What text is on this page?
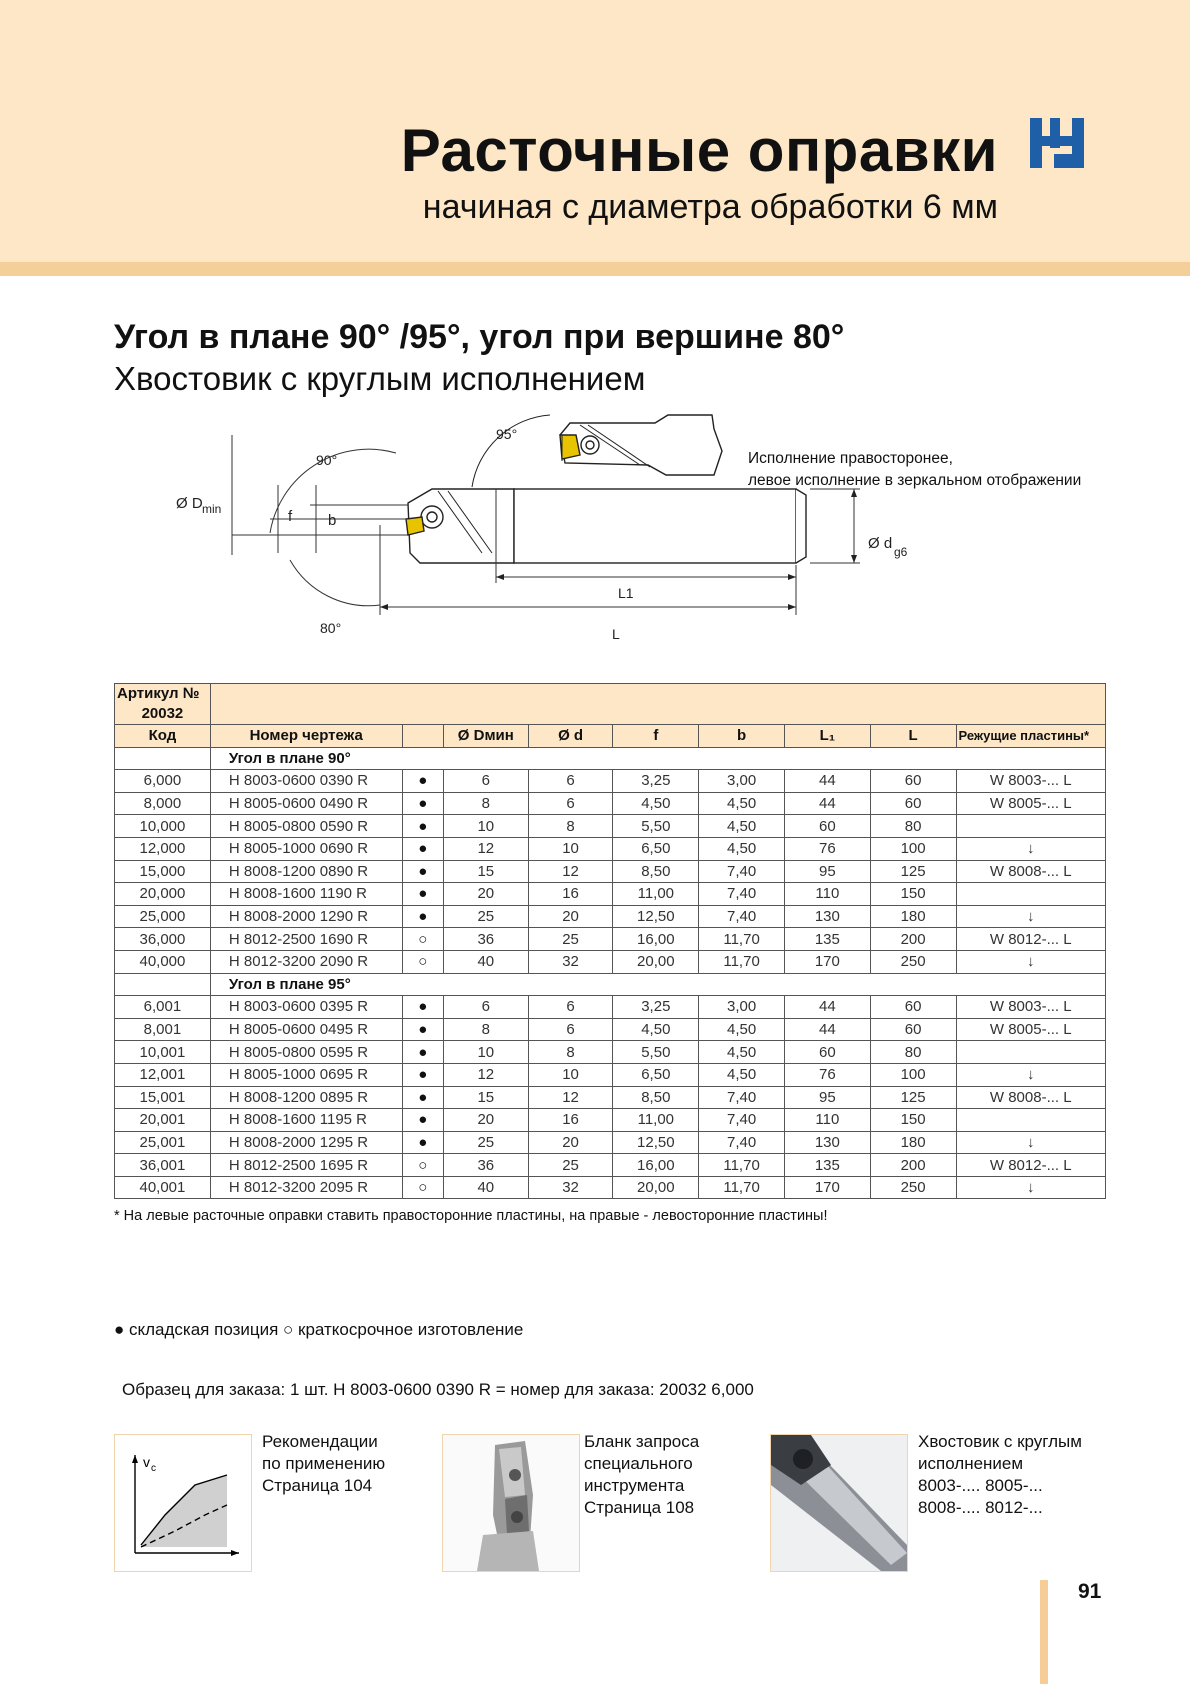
Расточные оправки
начиная с диаметра обработки 6 мм
Угол в плане 90° /95°, угол при вершине 80°
Хвостовик с круглым исполнением
95°
Ø D min	f b
90°
80°
L1
L
Ø d g6
Исполнение правосторонее,
левое исполнение в зеркальном отображении
Артикул №
20032									

Код	Номер чертежа		Ø Dмин	Ø d	f	b	L₁	L	Режущие пластины*
	Угол в плане 90°								
6,000	H 8003-0600 0390 R	●	6	6	3,25	3,00	44	60	W 8003-... L
8,000	H 8005-0600 0490 R	●	8	6	4,50	4,50	44	60	W 8005-... L
10,000	H 8005-0800 0590 R	●	10	8	5,50	4,50	60	80	
12,000	H 8005-1000 0690 R	●	12	10	6,50	4,50	76	100	↓
15,000	H 8008-1200 0890 R	●	15	12	8,50	7,40	95	125	W 8008-... L
20,000	H 8008-1600 1190 R	●	20	16	11,00	7,40	110	150	
25,000	H 8008-2000 1290 R	●	25	20	12,50	7,40	130	180	↓
36,000	H 8012-2500 1690 R	○	36	25	16,00	11,70	135	200	W 8012-... L
40,000	H 8012-3200 2090 R	○	40	32	20,00	11,70	170	250	↓
	Угол в плане 95°								
6,001	H 8003-0600 0395 R	●	6	6	3,25	3,00	44	60	W 8003-... L
8,001	H 8005-0600 0495 R	●	8	6	4,50	4,50	44	60	W 8005-... L
10,001	H 8005-0800 0595 R	●	10	8	5,50	4,50	60	80	
12,001	H 8005-1000 0695 R	●	12	10	6,50	4,50	76	100	↓
15,001	H 8008-1200 0895 R	●	15	12	8,50	7,40	95	125	W 8008-... L
20,001	H 8008-1600 1195 R	●	20	16	11,00	7,40	110	150	
25,001	H 8008-2000 1295 R	●	25	20	12,50	7,40	130	180	↓
36,001	H 8012-2500 1695 R	○	36	25	16,00	11,70	135	200	W 8012-... L
40,001	H 8012-3200 2095 R	○	40	32	20,00	11,70	170	250	↓
* На левые расточные оправки ставить правосторонние пластины, на правые - левосторонние пластины!
● складская позиция ○ краткосрочное изготовление
Образец для заказа: 1 шт. H 8003-0600 0390 R = номер для заказа: 20032 6,000
v c
Рекомендации
по применению
Страница 104
Бланк запроса
специального
инструмента
Страница 108
Хвостовик с круглым
исполнением
8003-.... 8005-...
8008-.... 8012-...
91
